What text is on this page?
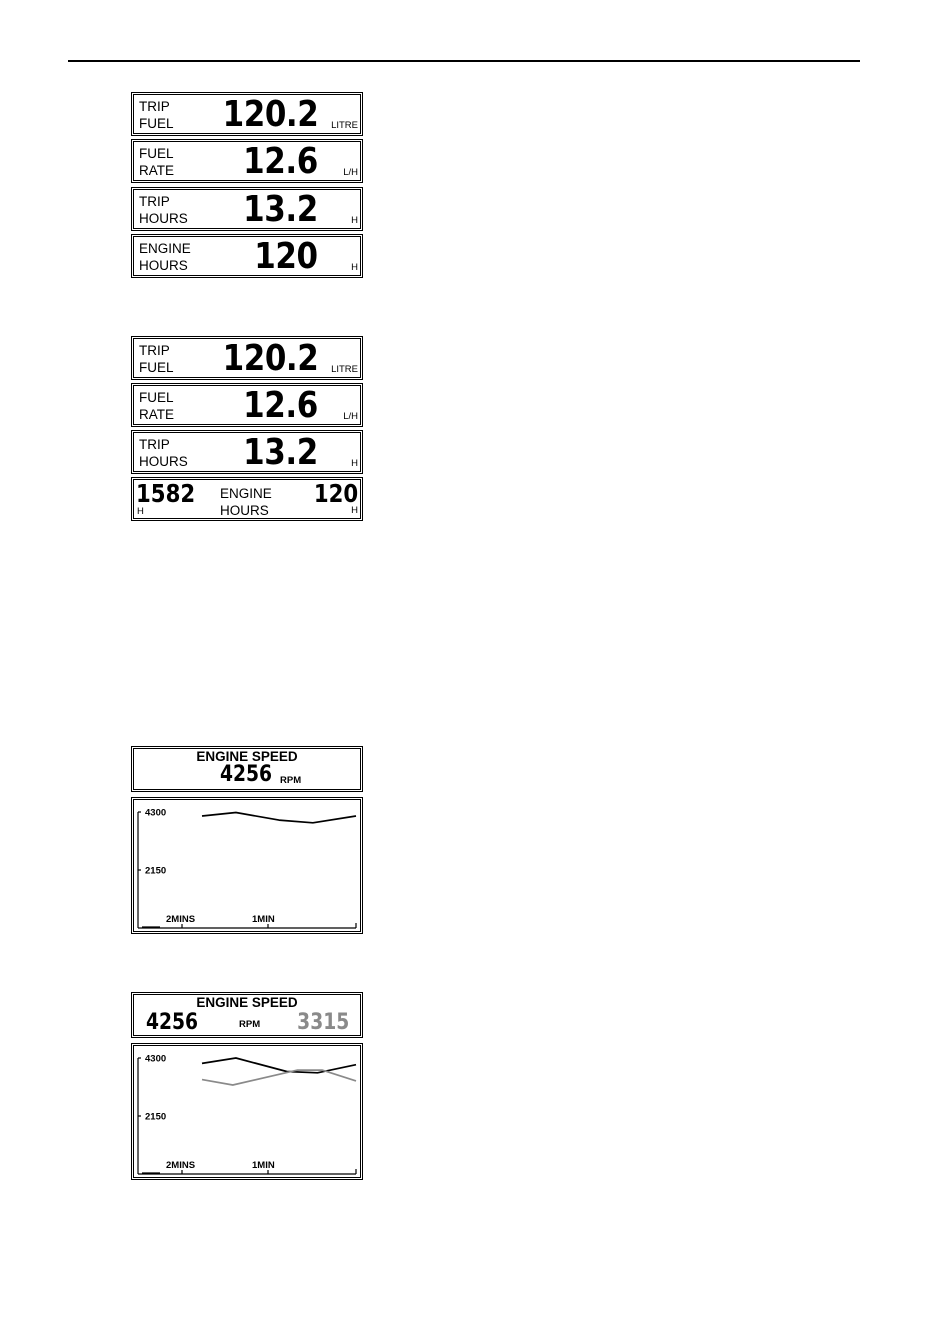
TRIP
FUEL 120.2 LITRE
FUEL
RATE 12.6	L/H
TRIP
HOURS 13.2	H
ENGINE
HOURS 120	H
TRIP
FUEL 120.2 LITRE
FUEL
RATE 12.6	L/H
TRIP
HOURS 13.2	H
1582
H
ENGINE
HOURS
120
H
ENGINE SPEED
4256 RPM
4300
2150
2MINS	1MIN
ENGINE SPEED
4256	RPM 3315
4300
2150
2MINS	1MIN
